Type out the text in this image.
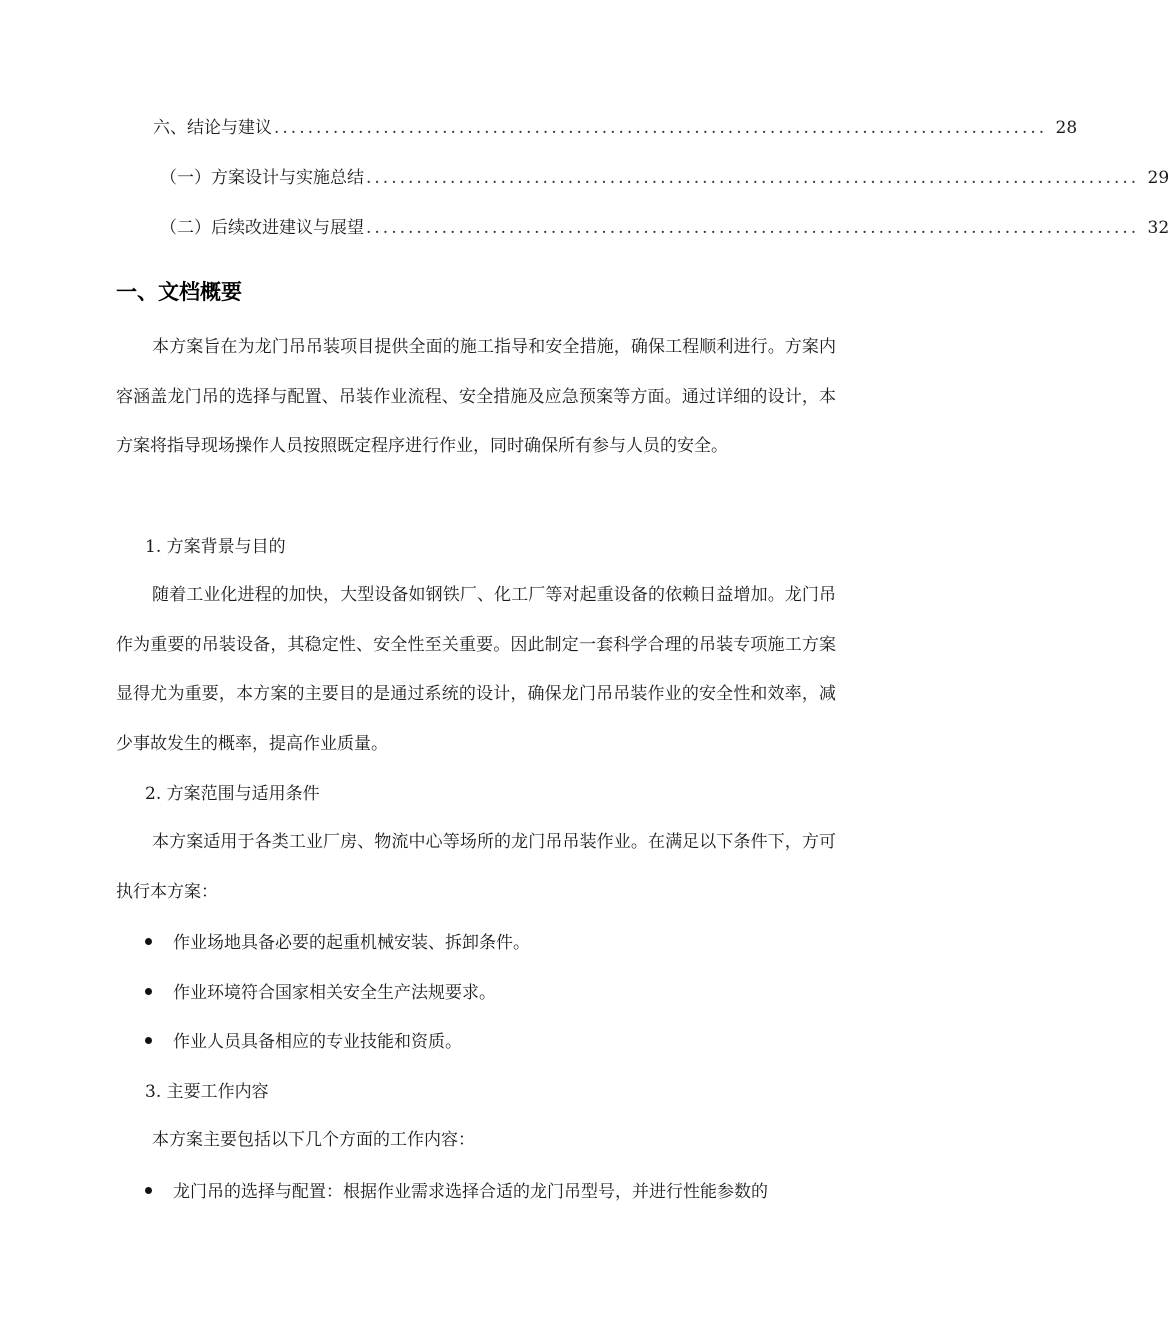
六、结论与建议 ............................................................................................ 28
（一）方案设计与实施总结 ............................................................................................ 29
（二）后续改进建议与展望 ............................................................................................ 32
一、文档概要

本方案旨在为龙门吊吊装项目提供全面的施工指导和安全措施，确保工程顺利进行。方案内容涵盖龙门吊的选择与配置、吊装作业流程、安全措施及应急预案等方面。通过详细的设计，本方案将指导现场操作人员按照既定程序进行作业，同时确保所有参与人员的安全。

1. 方案背景与目的

随着工业化进程的加快，大型设备如钢铁厂、化工厂等对起重设备的依赖日益增加。龙门吊作为重要的吊装设备，其稳定性、安全性至关重要。因此制定一套科学合理的吊装专项施工方案显得尤为重要，本方案的主要目的是通过系统的设计，确保龙门吊吊装作业的安全性和效率，减少事故发生的概率，提高作业质量。

2. 方案范围与适用条件

本方案适用于各类工业厂房、物流中心等场所的龙门吊吊装作业。在满足以下条件下，方可执行本方案：

作业场地具备必要的起重机械安装、拆卸条件。
作业环境符合国家相关安全生产法规要求。
作业人员具备相应的专业技能和资质。

3. 主要工作内容

本方案主要包括以下几个方面的工作内容：

龙门吊的选择与配置：根据作业需求选择合适的龙门吊型号，并进行性能参数的
